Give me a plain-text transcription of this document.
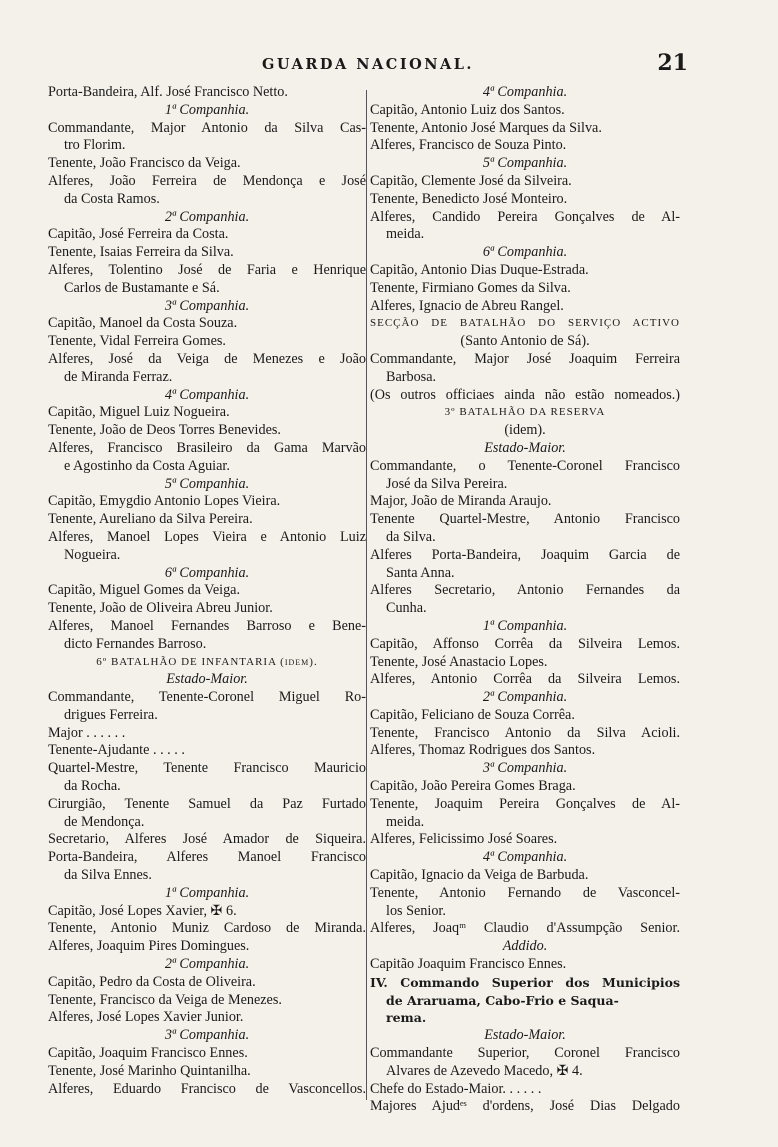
GUARDA NACIONAL.	21
Porta-Bandeira, Alf. José Francisco Netto.
1ª Companhia.
Commandante, Major Antonio da Silva Cas-
tro Florim.
Tenente, João Francisco da Veiga.
Alferes, João Ferreira de Mendonça e José
da Costa Ramos.
2ª Companhia.
Capitão, José Ferreira da Costa.
Tenente, Isaias Ferreira da Silva.
Alferes, Tolentino José de Faria e Henrique
Carlos de Bustamante e Sá.
3ª Companhia.
Capitão, Manoel da Costa Souza.
Tenente, Vidal Ferreira Gomes.
Alferes, José da Veiga de Menezes e João
de Miranda Ferraz.
4ª Companhia.
Capitão, Miguel Luiz Nogueira.
Tenente, João de Deos Torres Benevides.
Alferes, Francisco Brasileiro da Gama Marvão
e Agostinho da Costa Aguiar.
5ª Companhia.
Capitão, Emygdio Antonio Lopes Vieira.
Tenente, Aureliano da Silva Pereira.
Alferes, Manoel Lopes Vieira e Antonio Luiz
Nogueira.
6ª Companhia.
Capitão, Miguel Gomes da Veiga.
Tenente, João de Oliveira Abreu Junior.
Alferes, Manoel Fernandes Barroso e Bene-
dicto Fernandes Barroso.
6º BATALHÃO DE INFANTARIA (idem).
Estado-Maior.
Commandante, Tenente-Coronel Miguel Ro-
drigues Ferreira.
Major . . . . . .
Tenente-Ajudante . . . . .
Quartel-Mestre, Tenente Francisco Mauricio
da Rocha.
Cirurgião, Tenente Samuel da Paz Furtado
de Mendonça.
Secretario, Alferes José Amador de Siqueira.
Porta-Bandeira, Alferes Manoel Francisco
da Silva Ennes.
1ª Companhia.
Capitão, José Lopes Xavier, ✠ 6.
Tenente, Antonio Muniz Cardoso de Miranda.
Alferes, Joaquim Pires Domingues.
2ª Companhia.
Capitão, Pedro da Costa de Oliveira.
Tenente, Francisco da Veiga de Menezes.
Alferes, José Lopes Xavier Junior.
3ª Companhia.
Capitão, Joaquim Francisco Ennes.
Tenente, José Marinho Quintanilha.
Alferes, Eduardo Francisco de Vasconcellos.
4ª Companhia.
Capitão, Antonio Luiz dos Santos.
Tenente, Antonio José Marques da Silva.
Alferes, Francisco de Souza Pinto.
5ª Companhia.
Capitão, Clemente José da Silveira.
Tenente, Benedicto José Monteiro.
Alferes, Candido Pereira Gonçalves de Al-
meida.
6ª Companhia.
Capitão, Antonio Dias Duque-Estrada.
Tenente, Firmiano Gomes da Silva.
Alferes, Ignacio de Abreu Rangel.
SECÇÃO DE BATALHÃO DO SERVIÇO ACTIVO
(Santo Antonio de Sá).
Commandante, Major José Joaquim Ferreira
Barbosa.
(Os outros officiaes ainda não estão nomeados.)
3º BATALHÃO DA RESERVA
(idem).
Estado-Maior.
Commandante, o Tenente-Coronel Francisco
José da Silva Pereira.
Major, João de Miranda Araujo.
Tenente Quartel-Mestre, Antonio Francisco
da Silva.
Alferes Porta-Bandeira, Joaquim Garcia de
Santa Anna.
Alferes Secretario, Antonio Fernandes da
Cunha.
1ª Companhia.
Capitão, Affonso Corrêa da Silveira Lemos.
Tenente, José Anastacio Lopes.
Alferes, Antonio Corrêa da Silveira Lemos.
2ª Companhia.
Capitão, Feliciano de Souza Corrêa.
Tenente, Francisco Antonio da Silva Acioli.
Alferes, Thomaz Rodrigues dos Santos.
3ª Companhia.
Capitão, João Pereira Gomes Braga.
Tenente, Joaquim Pereira Gonçalves de Al-
meida.
Alferes, Felicissimo José Soares.
4ª Companhia.
Capitão, Ignacio da Veiga de Barbuda.
Tenente, Antonio Fernando de Vasconcel-
los Senior.
Alferes, Joaqᵐ Claudio d'Assumpção Senior.
Addido.
Capitão Joaquim Francisco Ennes.
IV. Commando Superior dos Municipios
de Araruama, Cabo-Frio e Saqua-
rema.
Estado-Maior.
Commandante Superior, Coronel Francisco
Alvares de Azevedo Macedo, ✠ 4.
Chefe do Estado-Maior. . . . . .
Majores Ajudᵉˢ d'ordens, José Dias Delgado
